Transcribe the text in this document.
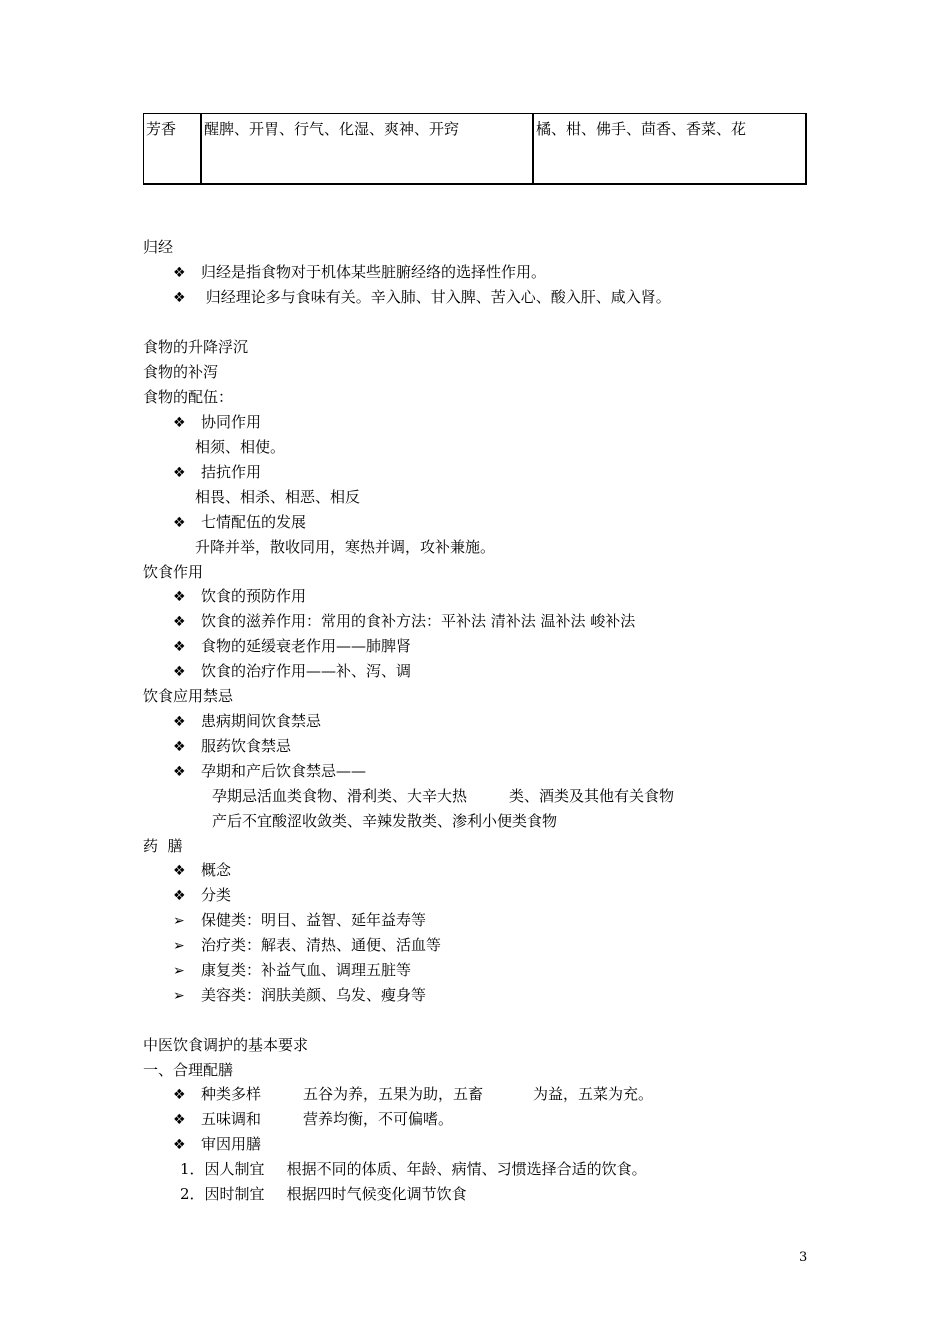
芳香	醒脾、开胃、行气、化湿、爽神、开窍	橘、柑、佛手、茴香、香菜、花
归经
❖ 归经是指食物对于机体某些脏腑经络的选择性作用。
❖ 归经理论多与食味有关。辛入肺、甘入脾、苦入心、酸入肝、咸入肾。
食物的升降浮沉
食物的补泻
食物的配伍：
❖ 协同作用
相须、相使。
❖ 拮抗作用
相畏、相杀、相恶、相反
❖ 七情配伍的发展
升降并举，散收同用，寒热并调，攻补兼施。
饮食作用
❖ 饮食的预防作用
❖ 饮食的滋养作用：常用的食补方法：平补法 清补法 温补法 峻补法
❖ 食物的延缓衰老作用——肺脾肾
❖ 饮食的治疗作用——补、泻、调
饮食应用禁忌
❖ 患病期间饮食禁忌
❖ 服药饮食禁忌
❖ 孕期和产后饮食禁忌——
孕期忌活血类食物、滑利类、大辛大热	类、酒类及其他有关食物
产后不宜酸涩收敛类、辛辣发散类、渗利小便类食物
药  膳
❖ 概念
❖ 分类
➢ 保健类：明目、益智、延年益寿等
➢ 治疗类：解表、清热、通便、活血等
➢ 康复类：补益气血、调理五脏等
➢ 美容类：润肤美颜、乌发、瘦身等
中医饮食调护的基本要求
一、合理配膳
❖ 种类多样	五谷为养，五果为助，五畜	为益，五菜为充。
❖ 五味调和	营养均衡，不可偏嗜。
❖ 审因用膳
1．因人制宜 根据不同的体质、年龄、病情、习惯选择合适的饮食。
2．因时制宜 根据四时气候变化调节饮食
3
